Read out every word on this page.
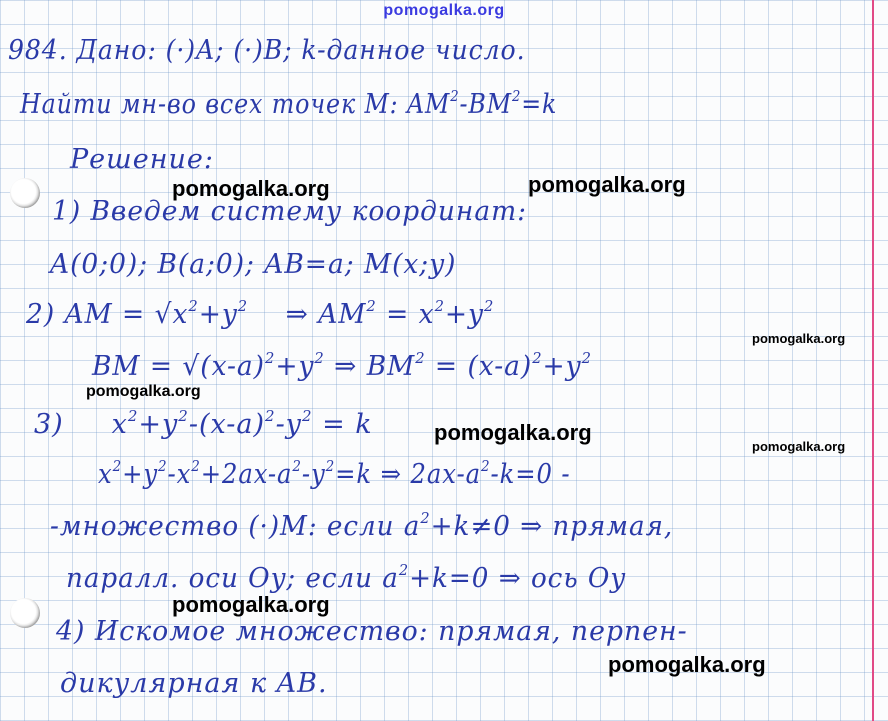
pomogalka.org
984. Дано: (·)A; (·)B; k-данное число.
Найти мн-во всех точек M: $AM^2-BM^2=k$
Решение:
1) Введем систему координат:
A(0;0); B(a;0); AB=a; M(x;y)
2) AM = $√x^2+y^2$    ⇒ $AM^2 = x^2+y^2$
BM = $√(x-a)^2+y^2$ ⇒ $BM^2 = (x-a)^2+y^2$
3)     $x^2+y^2-(x-a)^2-y^2 = k$
$x^2+y^2-x^2+2ax-a^2-y^2=k$ ⇒ $2ax-a^2-k=0$ -
-множество (·)M: если $a^2+k\ne 0$ ⇒ прямая,
паралл. оси Oy; если $a^2+k=0$ ⇒ ось Oy
4) Искомое множество: прямая, перпен-
дикулярная к AB.
pomogalka.org	pomogalka.org
pomogalka.org
pomogalka.org
pomogalka.org
pomogalka.org
pomogalka.org
pomogalka.org
